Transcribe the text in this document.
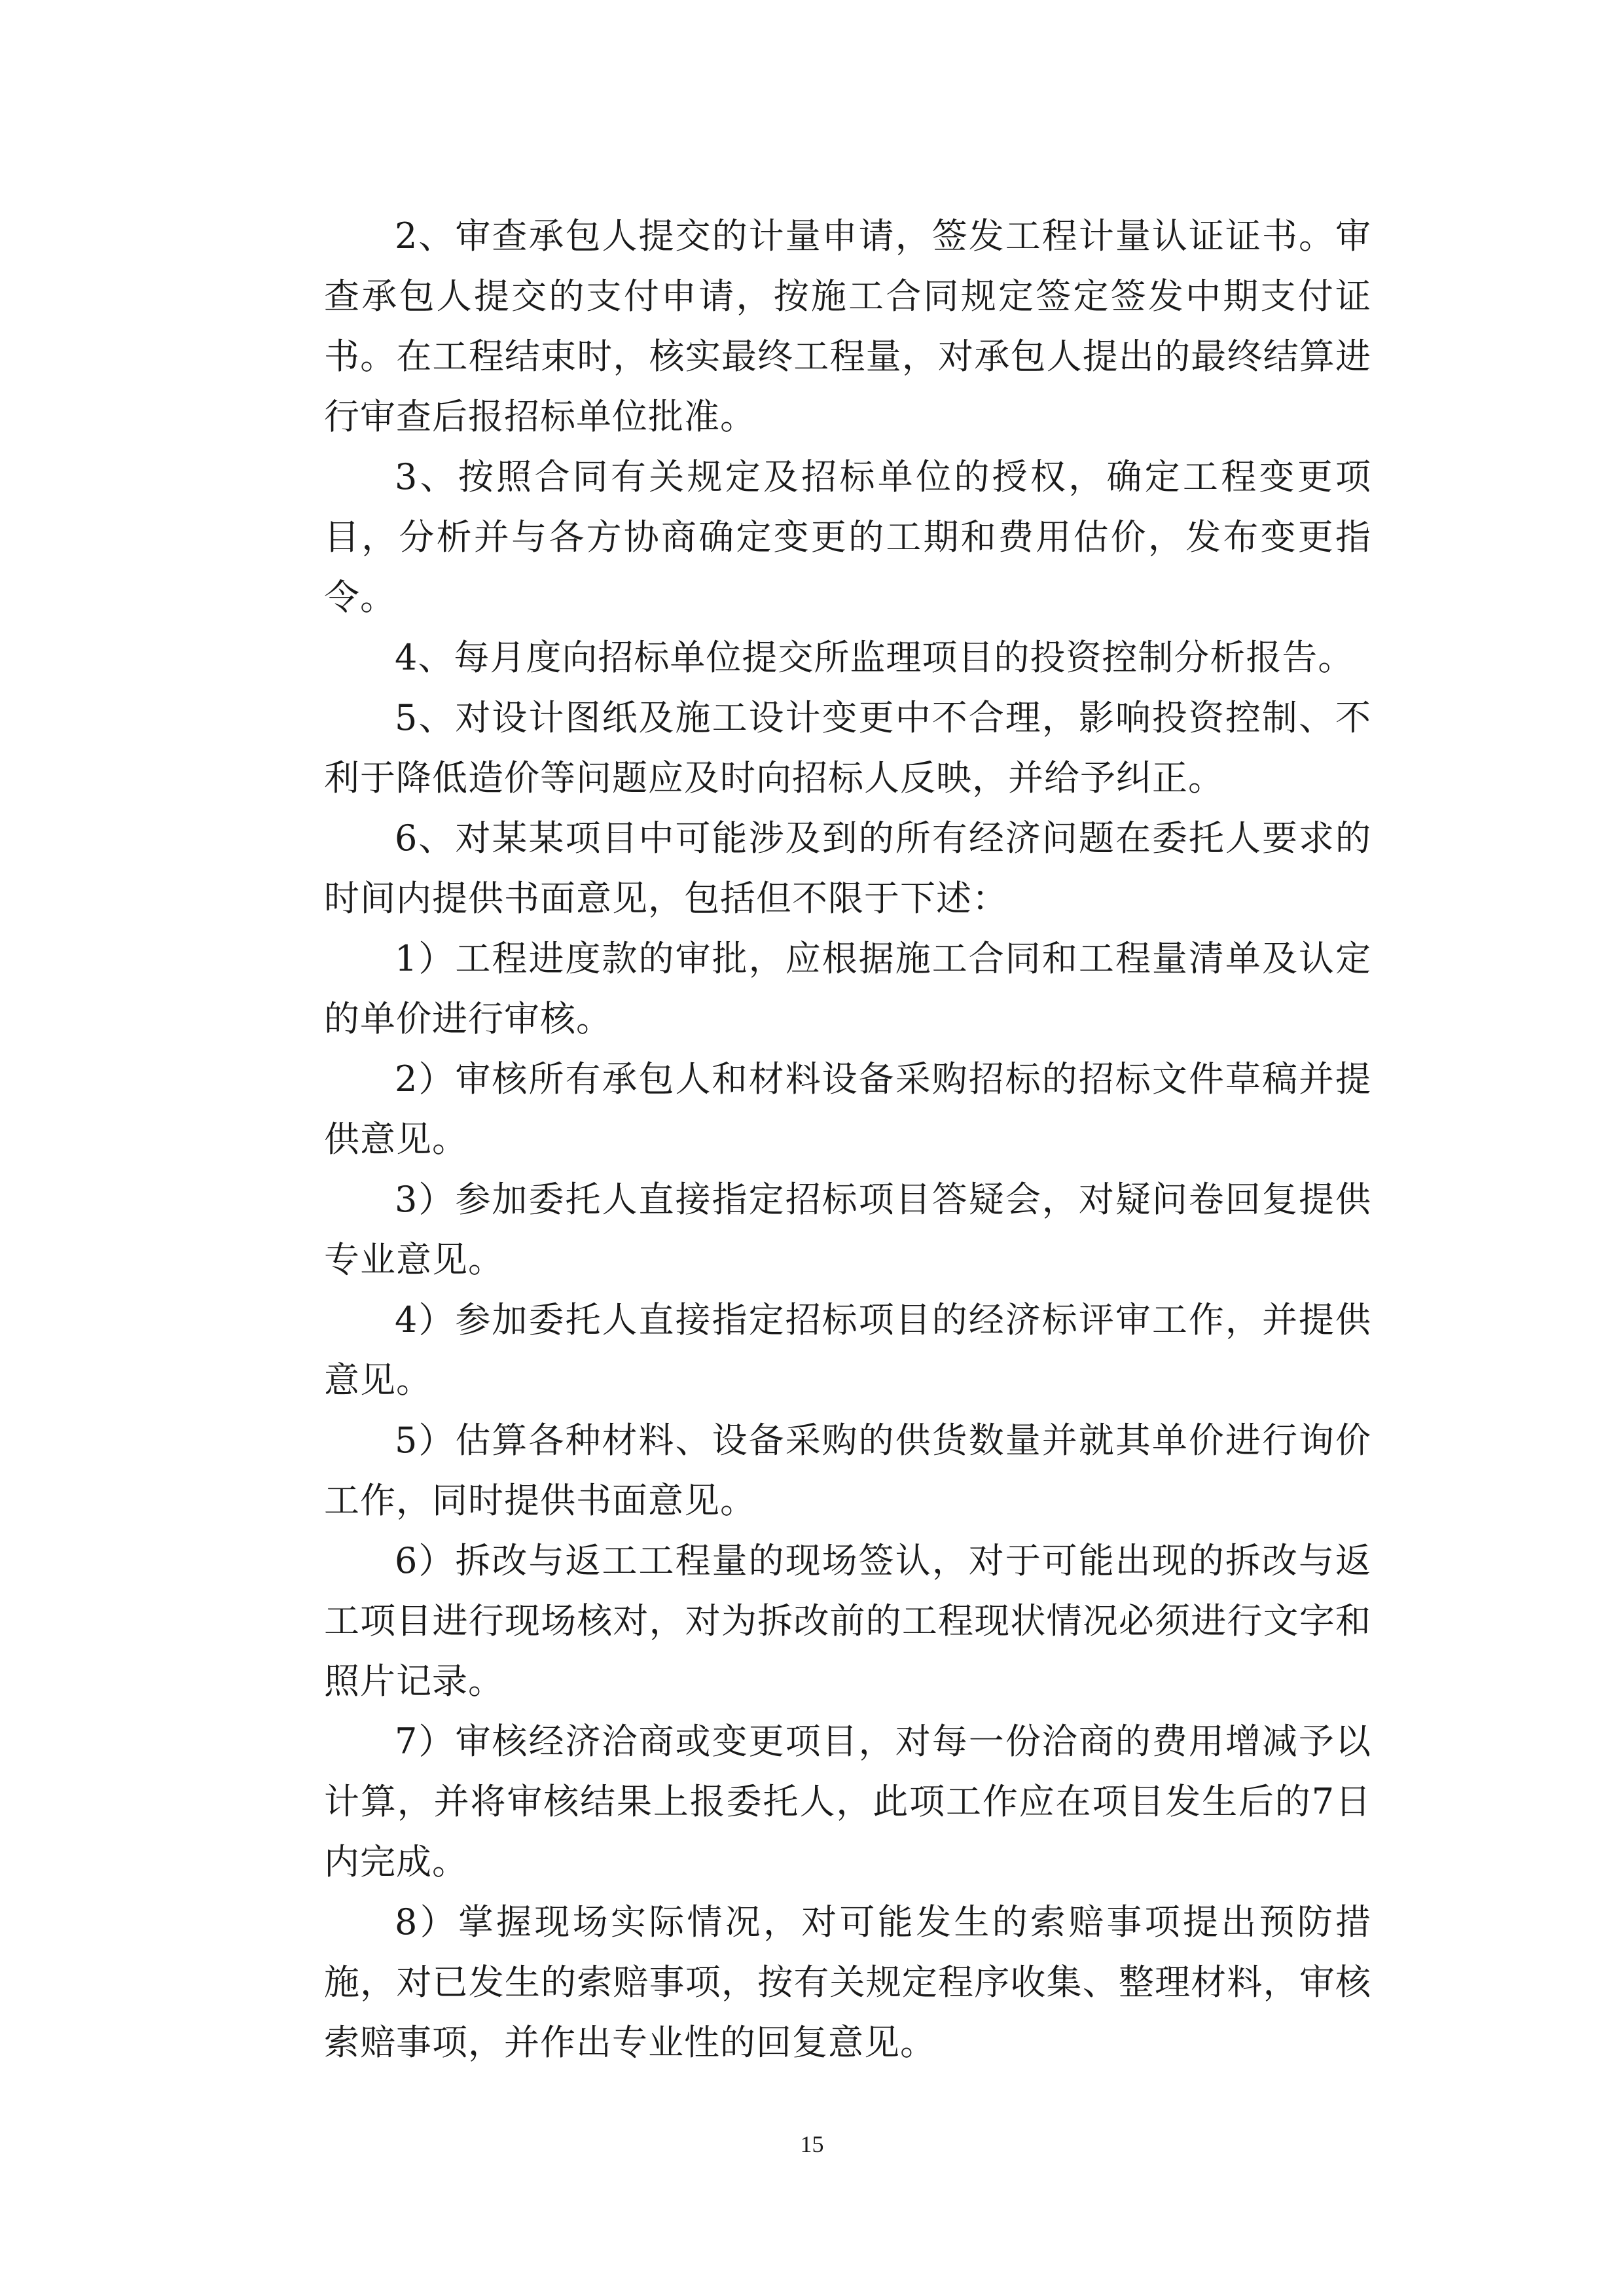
2、审查承包人提交的计量申请，签发工程计量认证证书。审查承包人提交的支付申请，按施工合同规定签定签发中期支付证书。在工程结束时，核实最终工程量，对承包人提出的最终结算进行审查后报招标单位批准。

3、按照合同有关规定及招标单位的授权，确定工程变更项目，分析并与各方协商确定变更的工期和费用估价，发布变更指令。

4、每月度向招标单位提交所监理项目的投资控制分析报告。

5、对设计图纸及施工设计变更中不合理，影响投资控制、不利于降低造价等问题应及时向招标人反映，并给予纠正。

6、对某某项目中可能涉及到的所有经济问题在委托人要求的时间内提供书面意见，包括但不限于下述：

1）工程进度款的审批，应根据施工合同和工程量清单及认定的单价进行审核。

2）审核所有承包人和材料设备采购招标的招标文件草稿并提供意见。

3）参加委托人直接指定招标项目答疑会，对疑问卷回复提供专业意见。

4）参加委托人直接指定招标项目的经济标评审工作，并提供意见。

5）估算各种材料、设备采购的供货数量并就其单价进行询价工作，同时提供书面意见。

6）拆改与返工工程量的现场签认，对于可能出现的拆改与返工项目进行现场核对，对为拆改前的工程现状情况必须进行文字和照片记录。

7）审核经济洽商或变更项目，对每一份洽商的费用增减予以计算，并将审核结果上报委托人，此项工作应在项目发生后的7日内完成。

8）掌握现场实际情况，对可能发生的索赔事项提出预防措施，对已发生的索赔事项，按有关规定程序收集、整理材料，审核索赔事项，并作出专业性的回复意见。

15
